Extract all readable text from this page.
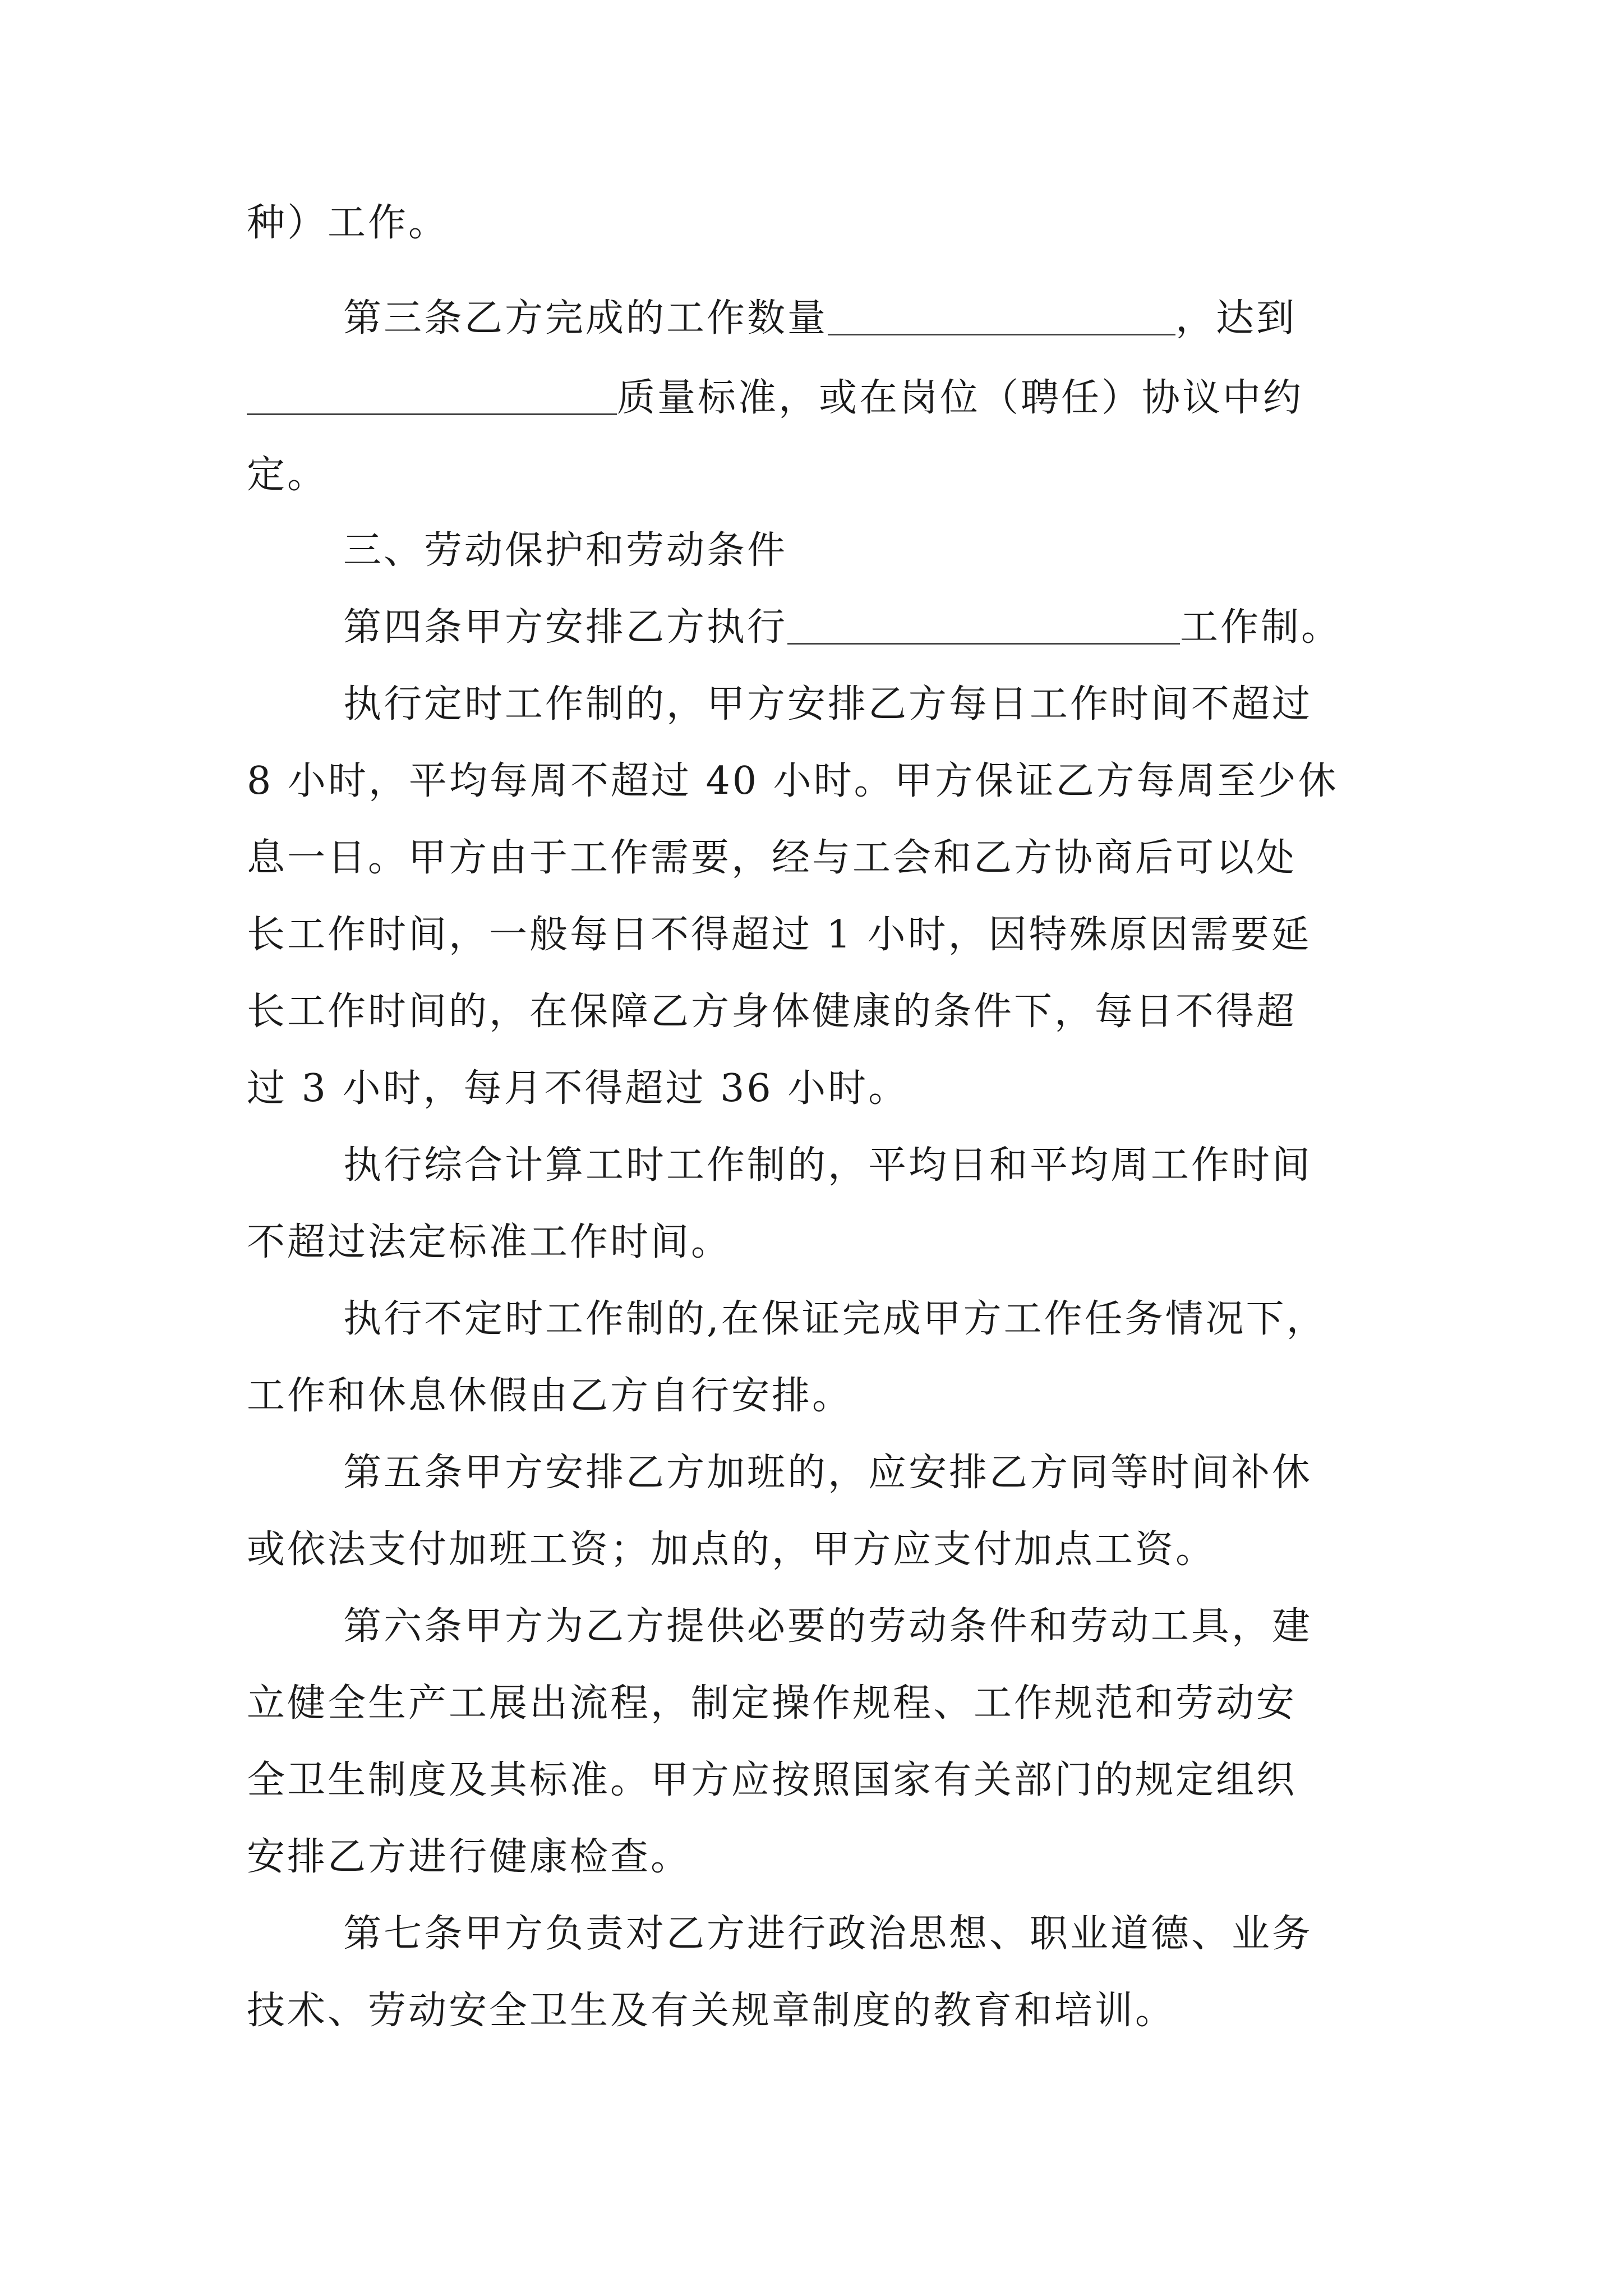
种）工作。
第三条乙方完成的工作数量	，达到
质量标准，或在岗位（聘任）协议中约
定。
三、劳动保护和劳动条件
第四条甲方安排乙方执行	工作制。
执行定时工作制的，甲方安排乙方每日工作时间不超过
8 小时，平均每周不超过 40 小时。甲方保证乙方每周至少休
息一日。甲方由于工作需要，经与工会和乙方协商后可以处
长工作时间，一般每日不得超过 1 小时，因特殊原因需要延
长工作时间的，在保障乙方身体健康的条件下，每日不得超
过 3 小时，每月不得超过 36 小时。
执行综合计算工时工作制的，平均日和平均周工作时间
不超过法定标准工作时间。
执行不定时工作制的,在保证完成甲方工作任务情况下，
工作和休息休假由乙方自行安排。
第五条甲方安排乙方加班的，应安排乙方同等时间补休
或依法支付加班工资；加点的，甲方应支付加点工资。
第六条甲方为乙方提供必要的劳动条件和劳动工具，建
立健全生产工展出流程，制定操作规程、工作规范和劳动安
全卫生制度及其标准。甲方应按照国家有关部门的规定组织
安排乙方进行健康检查。
第七条甲方负责对乙方进行政治思想、职业道德、业务
技术、劳动安全卫生及有关规章制度的教育和培训。
